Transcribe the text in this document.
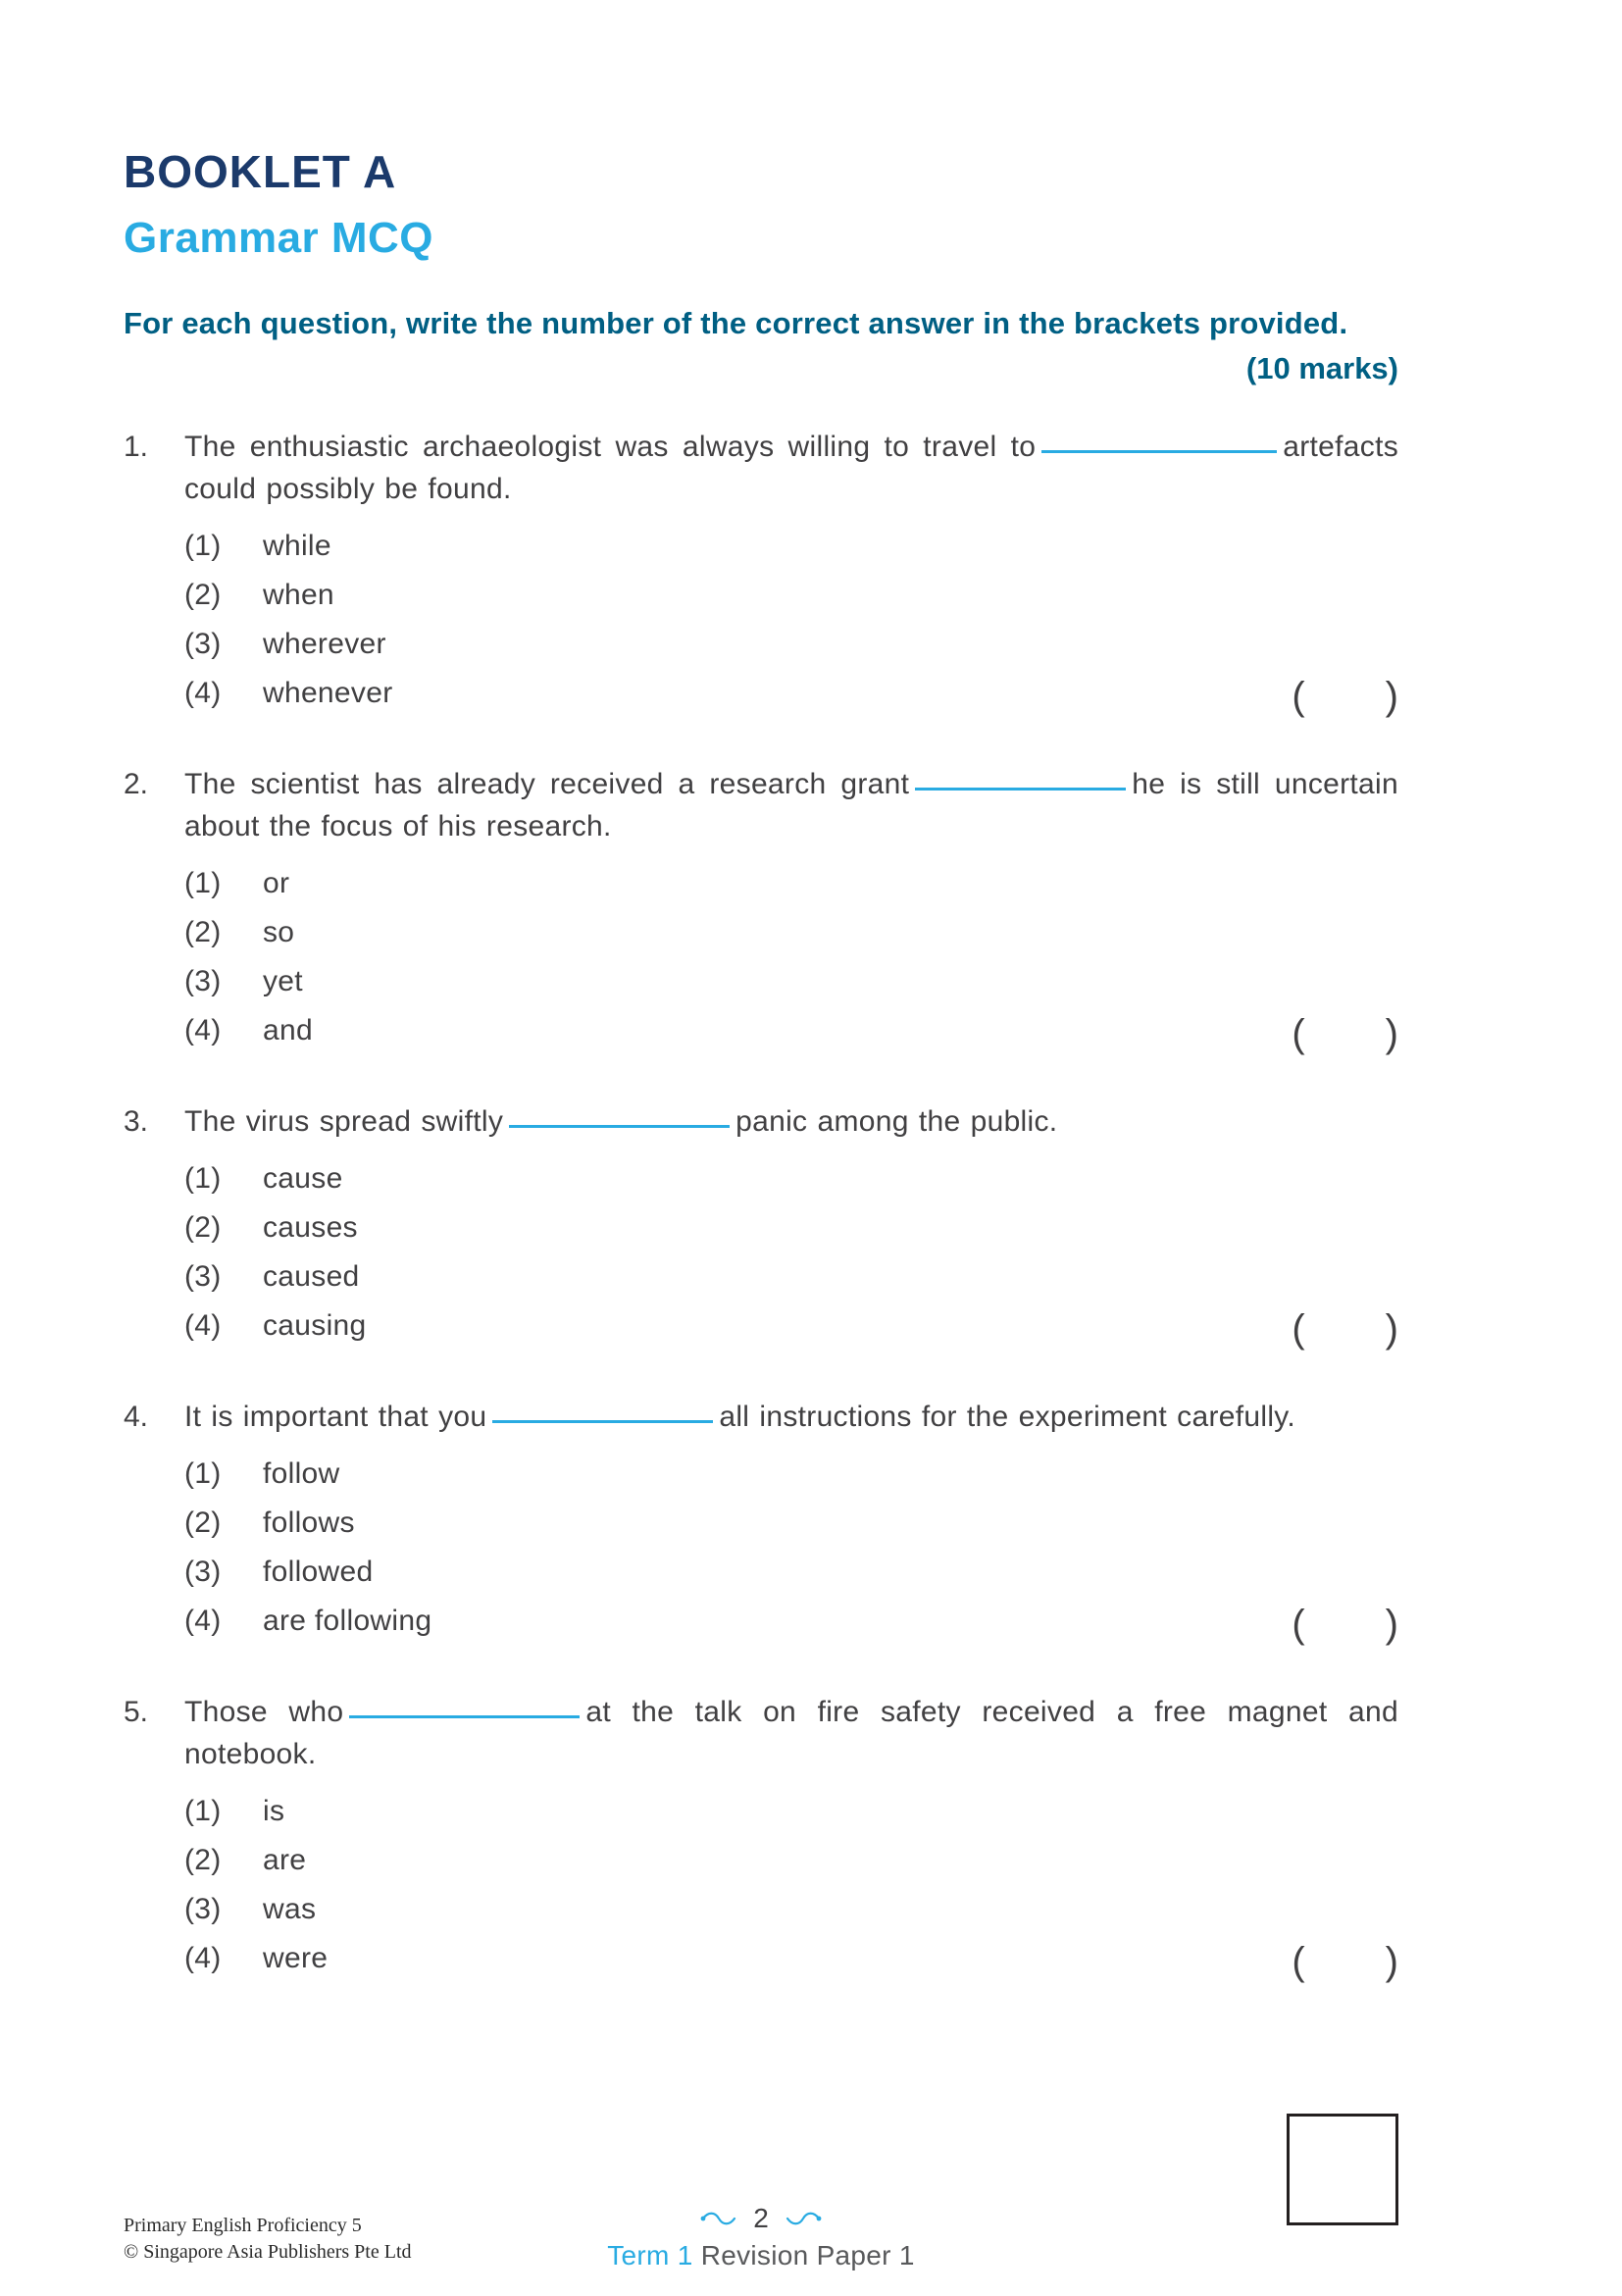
BOOKLET A
Grammar MCQ

For each question, write the number of the correct answer in the brackets provided.

(10 marks)

1.	The enthusiastic archaeologist was always willing to travel to	artefacts could possibly be found.

( )
(1)	while
(2)	when
(3)	wherever
(4)	whenever
2.	The scientist has already received a research grant	he is still uncertain about the focus of his research.

( )
(1)	or
(2)	so
(3)	yet
(4)	and
3.	The virus spread swiftly	panic among the public.

( )
(1)	cause
(2)	causes
(3)	caused
(4)	causing
4.	It is important that you	all instructions for the experiment carefully.

( )
(1)	follow
(2)	follows
(3)	followed
(4)	are following
5.	Those who	at the talk on fire safety received a free magnet and notebook.

( )
(1)	is
(2)	are
(3)	was
(4)	were
Primary English Proficiency 5
© Singapore Asia Publishers Pte Ltd
2
Term 1 Revision Paper 1
